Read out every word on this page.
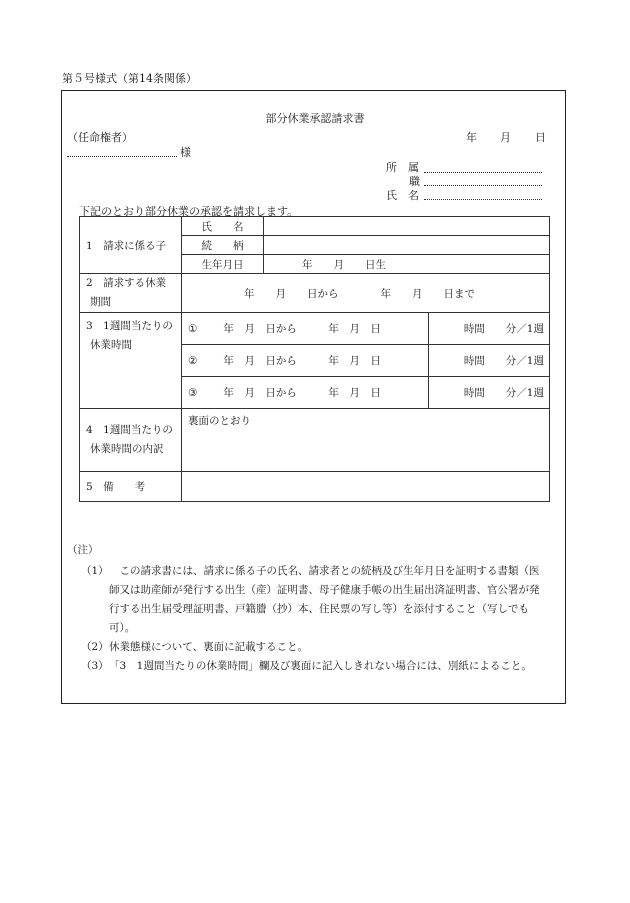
第５号様式（第14条関係）
部分休業承認請求書
（任命権者）
様
年 月 日
所　属
職
氏　名
下記のとおり部分休業の承認を請求します。
1　請求に係る子	氏　　名		
	続　　柄		
	生年月日	年　　月　　日生	

2　請求する休業
期間	年　　月　　日から　　　　年　　月　　日まで		

3　1週間当たりの
休業時間	① 年　月　日から　　　年　月　日		時間　　分／1週
	② 年　月　日から　　　年　月　日		時間　　分／1週
	③ 年　月　日から　　　年　月　日		時間　　分／1週

4　1週間当たりの
休業時間の内訳	裏面のとおり		
5　備　　考			
（注）
（1） 　この請求書には、請求に係る子の氏名、請求者との続柄及び生年月日を証明する書類（医師又は助産師が発行する出生（産）証明書、母子健康手帳の出生届出済証明書、官公署が発行する出生届受理証明書、戸籍謄（抄）本、住民票の写し等）を添付すること（写しでも可）。
（2） 休業態様について、裏面に記載すること。
（3） 「3　1週間当たりの休業時間」欄及び裏面に記入しきれない場合には、別紙によること。
